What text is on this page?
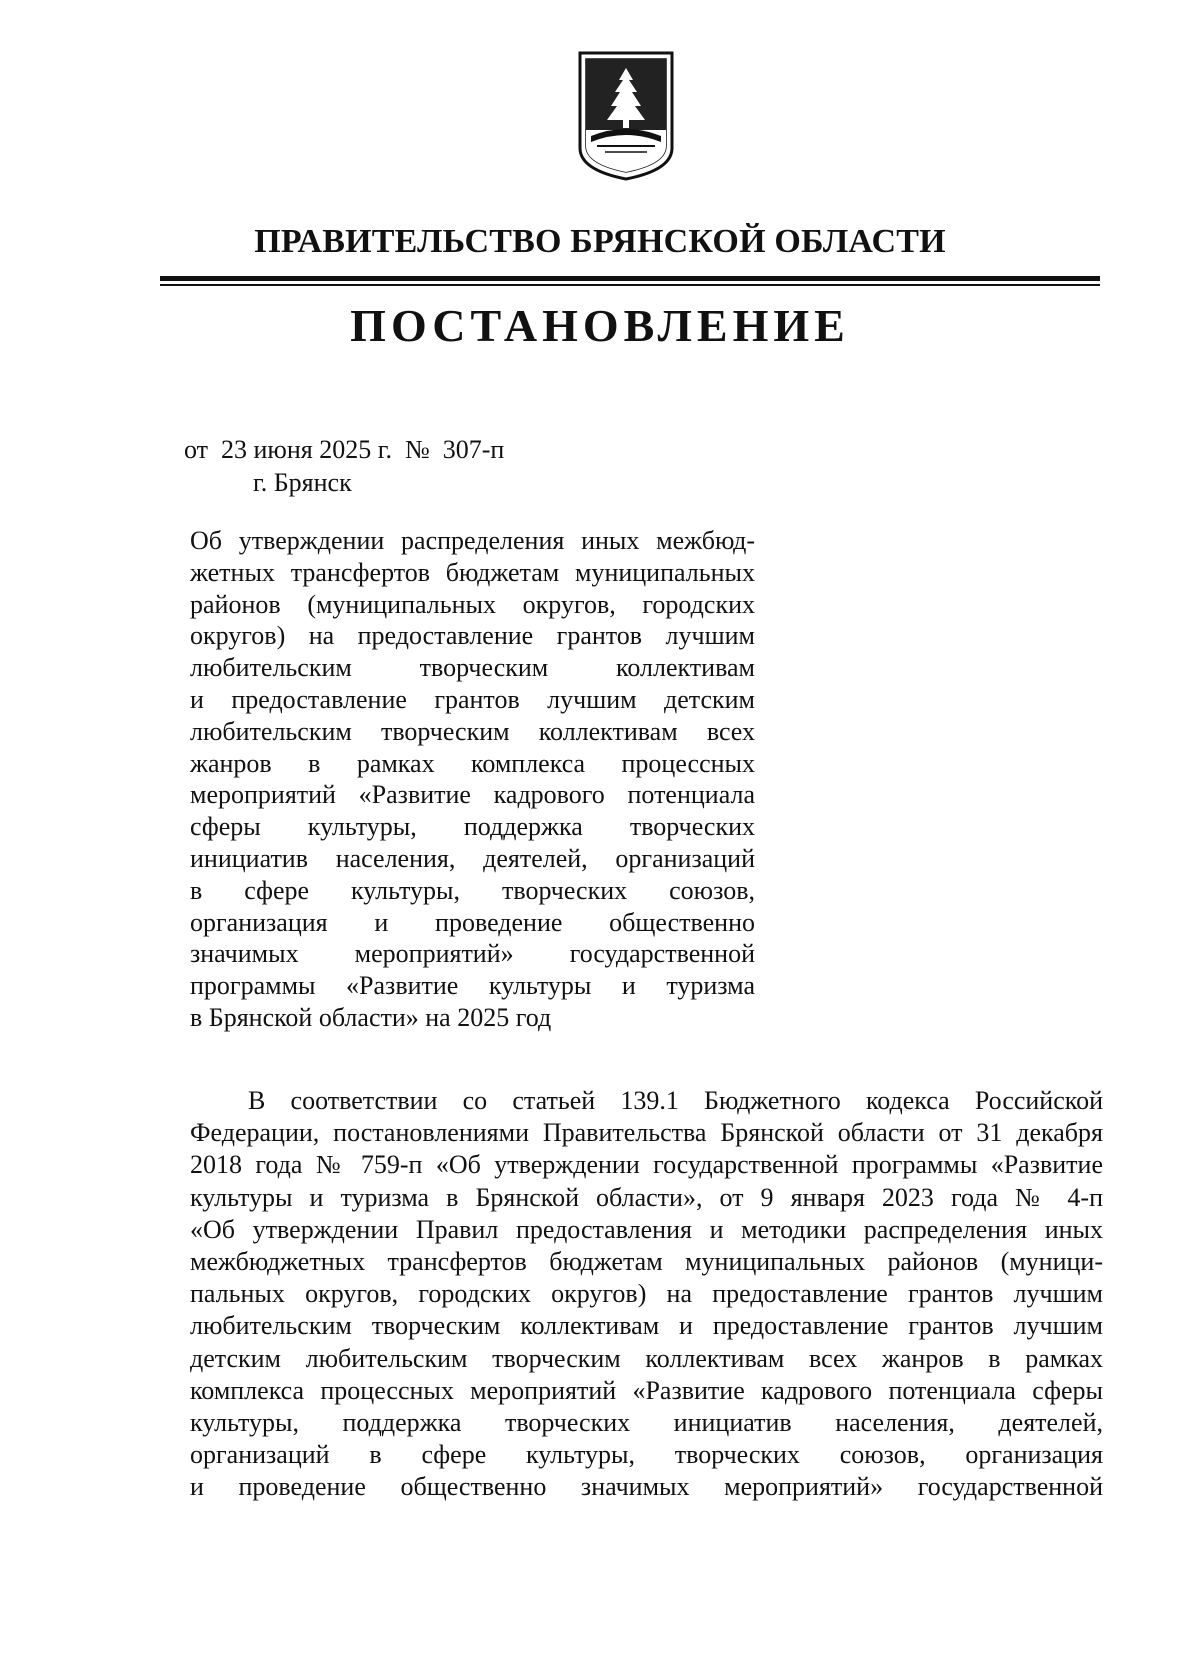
ПРАВИТЕЛЬСТВО БРЯНСКОЙ ОБЛАСТИ
ПОСТАНОВЛЕНИЕ
от  23 июня 2025 г.  №  307-п
г. Брянск
Об утверждении распределения иных межбюд-
жетных трансфертов бюджетам муниципальных
районов (муниципальных округов, городских
округов) на предоставление грантов лучшим
любительским творческим коллективам
и предоставление грантов лучшим детским
любительским творческим коллективам всех
жанров в рамках комплекса процессных
мероприятий «Развитие кадрового потенциала
сферы культуры, поддержка творческих
инициатив населения, деятелей, организаций
в сфере культуры, творческих союзов,
организация и проведение общественно
значимых мероприятий» государственной
программы «Развитие культуры и туризма
в Брянской области» на 2025 год
В соответствии со статьей 139.1 Бюджетного кодекса Российской
Федерации, постановлениями Правительства Брянской области от 31 декабря
2018 года № 759-п «Об утверждении государственной программы «Развитие
культуры и туризма в Брянской области», от 9 января 2023 года № 4-п
«Об утверждении Правил предоставления и методики распределения иных
межбюджетных трансфертов бюджетам муниципальных районов (муници-
пальных округов, городских округов) на предоставление грантов лучшим
любительским творческим коллективам и предоставление грантов лучшим
детским любительским творческим коллективам всех жанров в рамках
комплекса процессных мероприятий «Развитие кадрового потенциала сферы
культуры, поддержка творческих инициатив населения, деятелей,
организаций в сфере культуры, творческих союзов, организация
и проведение общественно значимых мероприятий» государственной
